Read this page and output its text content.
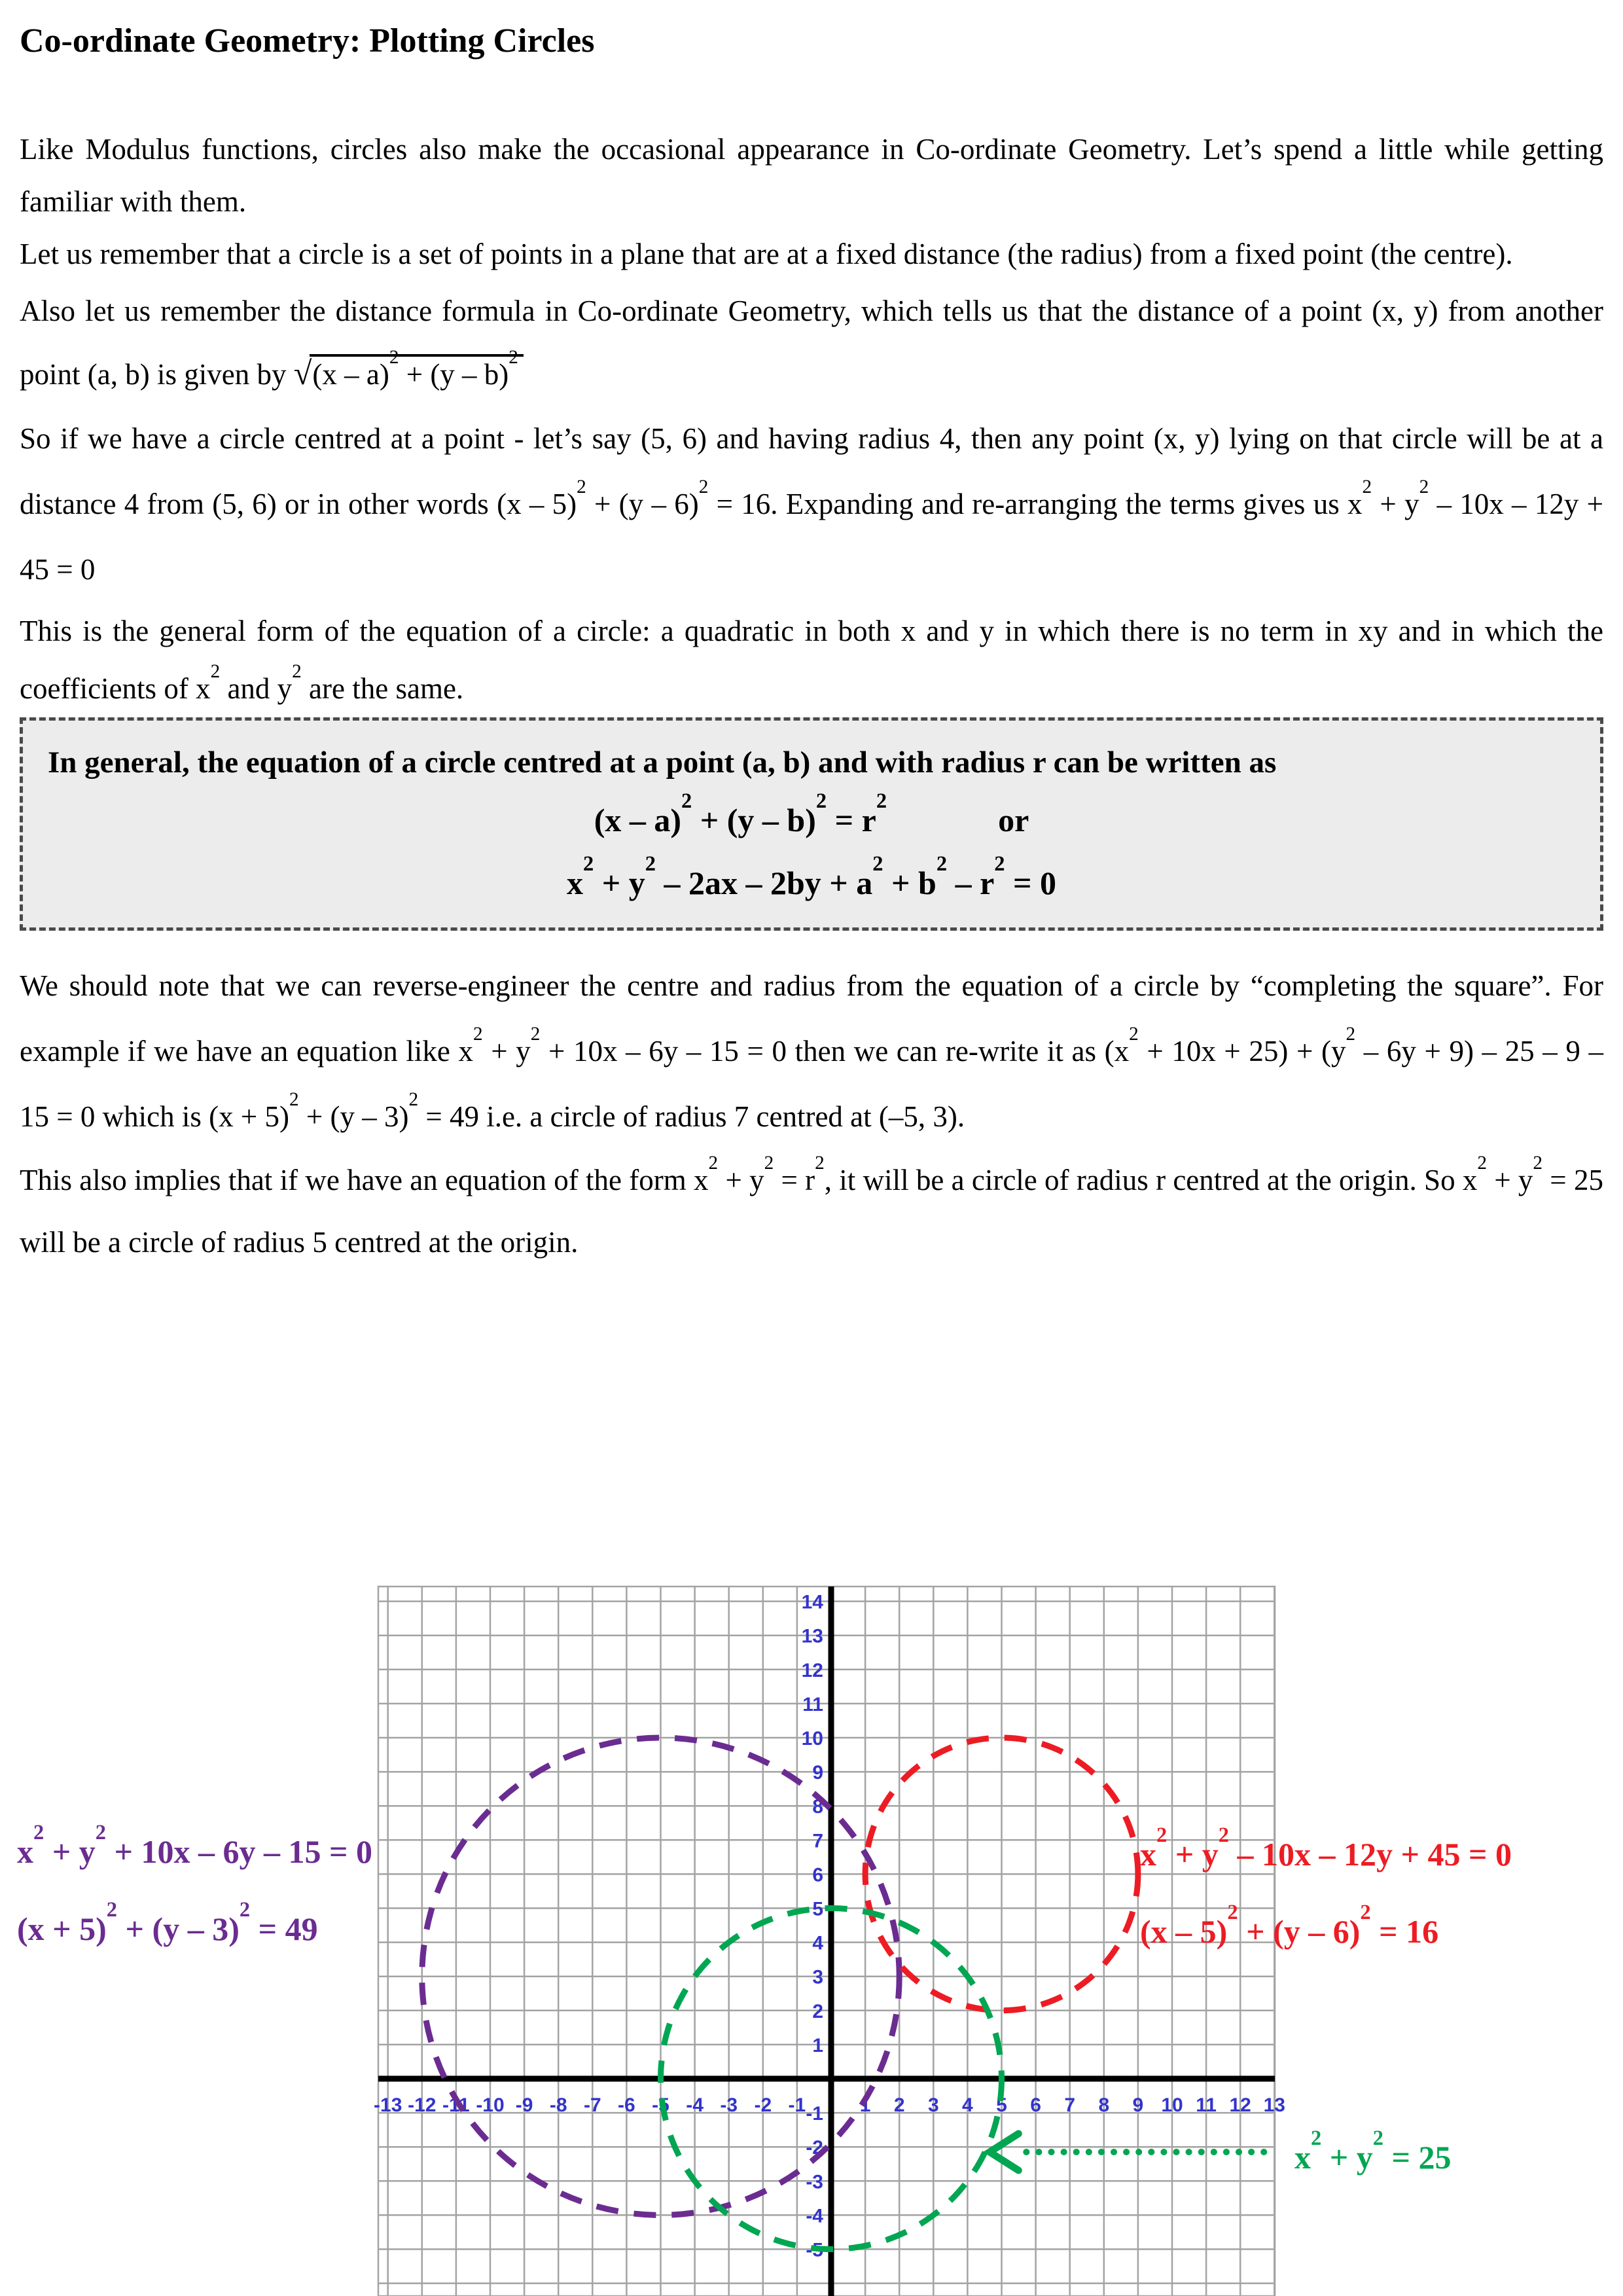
Co-ordinate Geometry: Plotting Circles

Like Modulus functions, circles also make the occasional appearance in Co-ordinate Geometry. Let’s spend a little while getting familiar with them.

Let us remember that a circle is a set of points in a plane that are at a fixed distance (the radius) from a fixed point (the centre).

Also let us remember the distance formula in Co-ordinate Geometry, which tells us that the distance of a point (x, y) from another point (a, b) is given by √(x – a)$^2$ + (y – b)$^2$

So if we have a circle centred at a point - let’s say (5, 6) and having radius 4, then any point (x, y) lying on that circle will be at a distance 4 from (5, 6) or in other words (x – 5)$^2$ + (y – 6)$^2$ = 16. Expanding and re-arranging the terms gives us $x^2 + y^2 - 10x - 12y + 45 = 0$

This is the general form of the equation of a circle: a quadratic in both x and y in which there is no term in xy and in which the coefficients of $x^2$ and $y^2$ are the same.

In general, the equation of a circle centred at a point (a, b) and with radius r can be written as

$(x - a)^2 + (y - b)^2 = r^2or$

$x^2 + y^2 - 2ax - 2by + a^2 + b^2 - r^2 = 0$

We should note that we can reverse-engineer the centre and radius from the equation of a circle by “completing the square”. For example if we have an equation like $x^2 + y^2 + 10x - 6y - 15 = 0$ then we can re-write it as $(x^2 + 10x + 25) + (y^2 - 6y + 9) - 25 - 9 - 15 = 0$ which is $(x + 5)^2 + (y - 3)^2 = 49$ i.e. a circle of radius 7 centred at (–5, 3).

This also implies that if we have an equation of the form $x^2 + y^2 = r^2$, it will be a circle of radius r centred at the origin. So $x^2 + y^2 = 25$ will be a circle of radius 5 centred at the origin.

-13 -12 -11 -10 -9 -8 -7 -6 -5 -4 -3 -2 -1	1 2 3 4 5 6 7 8 9 10 11 12 13
14
13
12
11
10
9
8
7
6
5
4
3
2
1
-1
-2
-3
-4
-5
$x^2 + y^2 + 10x - 6y - 15 = 0$
$(x + 5)^2 + (y - 3)^2 = 49$
$x^2 + y^2 - 10x - 12y + 45 = 0$
(x – 5)$^2$ + (y – 6)$^2$ = 16
$x^2 + y^2 = 25$
